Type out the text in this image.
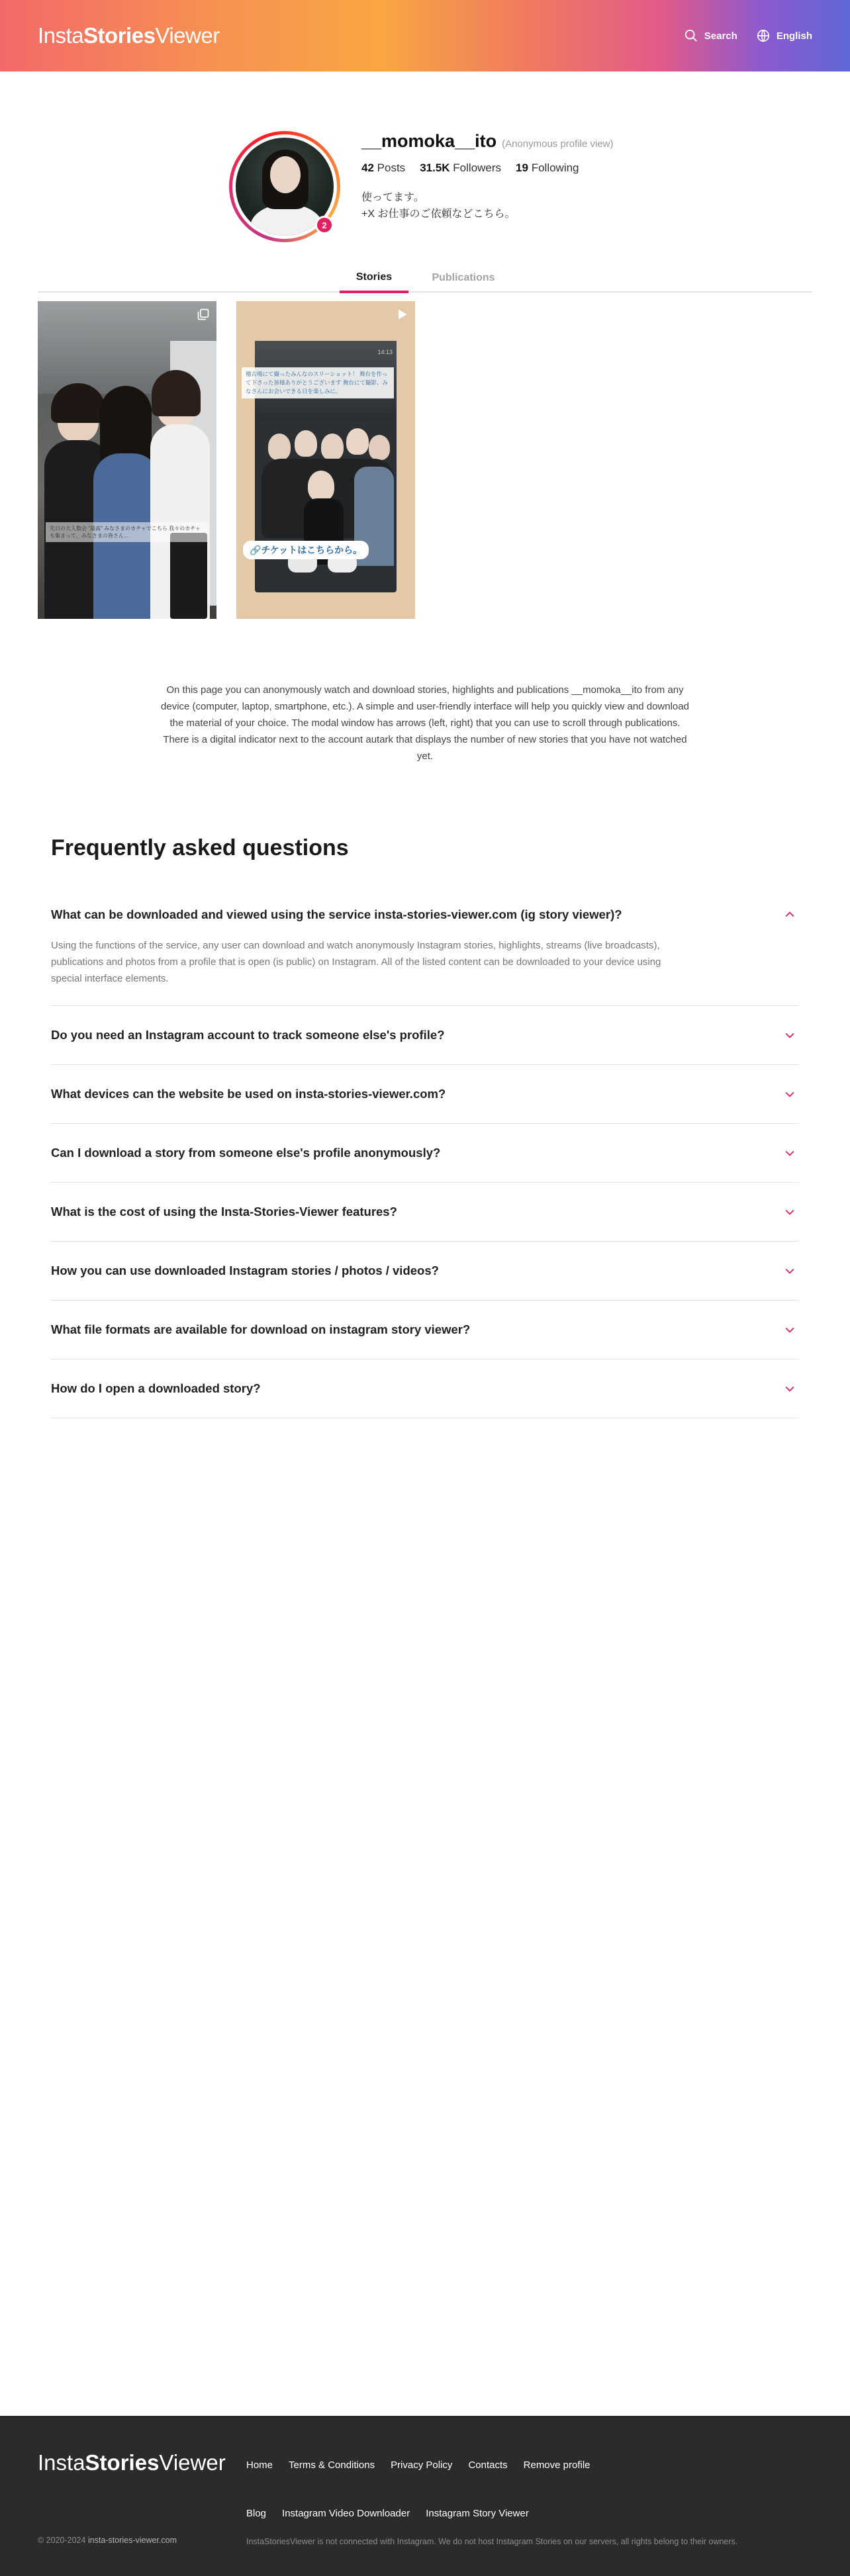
InstaStoriesViewer	Search	English
2
__momoka__ito (Anonymous profile view)
42 Posts 31.5K Followers 19 Following
使ってます。
+X お仕事のご依頼などこちら。
Stories	Publications
先日の大人数会 "最高" みなさまのカチャでこちら 我々のカチャも集まって、みなさまの皆さん…
14:13
稽古場にて撮ったみんなのスリーショット！ 舞台を作って下さった皆様ありがとうございます 舞台にて撮影、みなさんにお会いできる日を楽しみに。
🔗チケットはこちらから。
On this page you can anonymously watch and download stories, highlights and publications __momoka__ito from any device (computer, laptop, smartphone, etc.). A simple and user-friendly interface will help you quickly view and download the material of your choice. The modal window has arrows (left, right) that you can use to scroll through publications. There is a digital indicator next to the account autark that displays the number of new stories that you have not watched yet.
Frequently asked questions
What can be downloaded and viewed using the service insta-stories-viewer.com (ig story viewer)?
Using the functions of the service, any user can download and watch anonymously Instagram stories, highlights, streams (live broadcasts), publications and photos from a profile that is open (is public) on Instagram. All of the listed content can be downloaded to your device using special interface elements.
Do you need an Instagram account to track someone else's profile?
What devices can the website be used on insta-stories-viewer.com?
Can I download a story from someone else's profile anonymously?
What is the cost of using the Insta-Stories-Viewer features?
How you can use downloaded Instagram stories / photos / videos?
What file formats are available for download on instagram story viewer?
How do I open a downloaded story?
InstaStoriesViewer Home Terms & Conditions Privacy Policy Contacts Remove profile
Blog Instagram Video Downloader Instagram Story Viewer
© 2020-2024 insta-stories-viewer.com	InstaStoriesViewer is not connected with Instagram. We do not host Instagram Stories on our servers, all rights belong to their owners.
